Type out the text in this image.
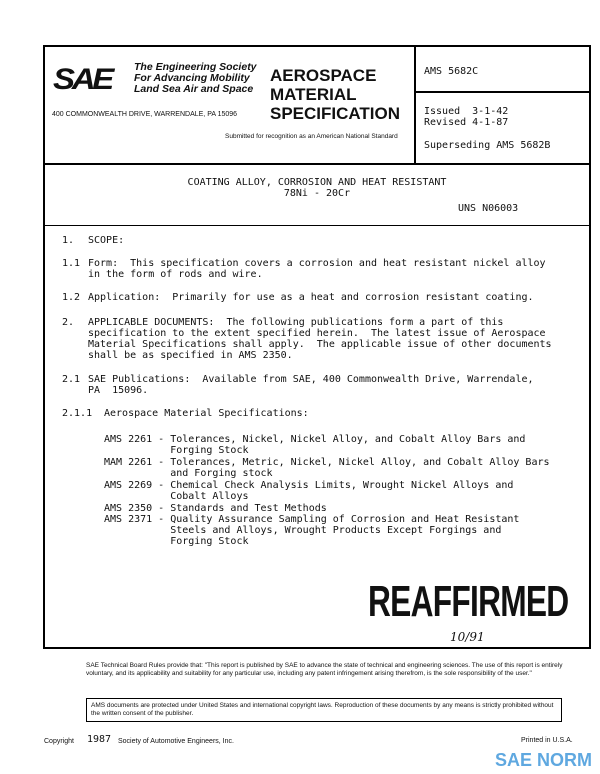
SAE The Engineering Society
For Advancing Mobility
Land Sea Air and Space
400 COMMONWEALTH DRIVE, WARRENDALE, PA 15096
AEROSPACE
MATERIAL
SPECIFICATION
Submitted for recognition as an American National Standard
AMS 5682C
Issued  3-1-42
Revised 4-1-87
Superseding AMS 5682B
COATING ALLOY, CORROSION AND HEAT RESISTANT
78Ni - 20Cr
UNS N06003
1. SCOPE:
1.1 Form:  This specification covers a corrosion and heat resistant nickel alloy
in the form of rods and wire.
1.2 Application:  Primarily for use as a heat and corrosion resistant coating.
2. APPLICABLE DOCUMENTS:  The following publications form a part of this
specification to the extent specified herein.  The latest issue of Aerospace
Material Specifications shall apply.  The applicable issue of other documents
shall be as specified in AMS 2350.
2.1 SAE Publications:  Available from SAE, 400 Commonwealth Drive, Warrendale,
PA  15096.
2.1.1 Aerospace Material Specifications:
AMS 2261 - Tolerances, Nickel, Nickel Alloy, and Cobalt Alloy Bars and
Forging Stock
MAM 2261 - Tolerances, Metric, Nickel, Nickel Alloy, and Cobalt Alloy Bars
and Forging stock
AMS 2269 - Chemical Check Analysis Limits, Wrought Nickel Alloys and
Cobalt Alloys
AMS 2350 - Standards and Test Methods
AMS 2371 - Quality Assurance Sampling of Corrosion and Heat Resistant
Steels and Alloys, Wrought Products Except Forgings and
Forging Stock
REAFFIRMED
10/91
SAE Technical Board Rules provide that: "This report is published by SAE to advance the state of technical and engineering sciences. The use of this report is entirely voluntary, and its applicability and suitability for any particular use, including any patent infringement arising therefrom, is the sole responsibility of the user."
AMS documents are protected under United States and international copyright laws. Reproduction of these documents by any means is strictly prohibited without the written consent of the publisher.
Copyright 1987 Society of Automotive Engineers, Inc.	Printed in U.S.A.
SAE NORM
